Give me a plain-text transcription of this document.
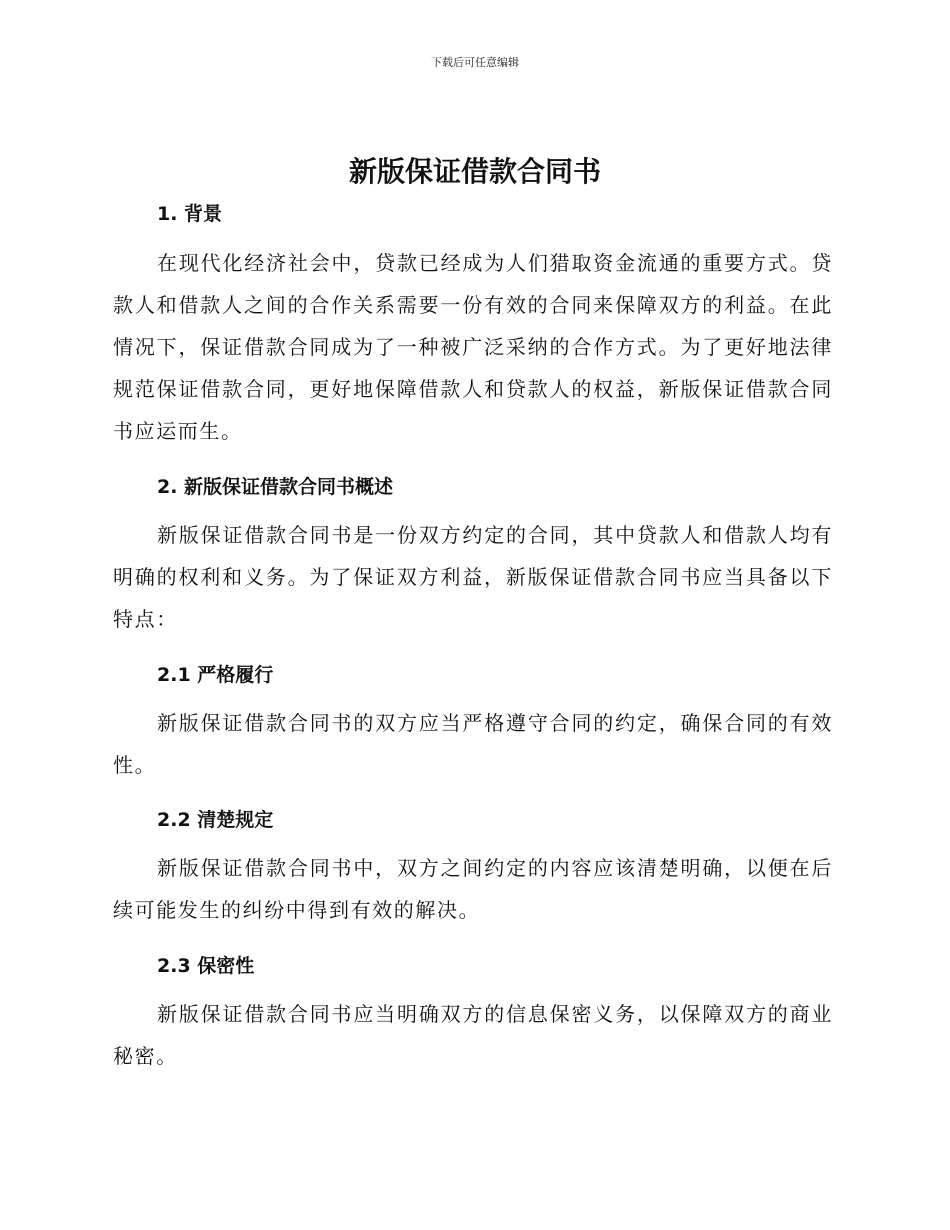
下载后可任意编辑
新版保证借款合同书
1. 背景

在现代化经济社会中，贷款已经成为人们猎取资金流通的重要方式。贷款人和借款人之间的合作关系需要一份有效的合同来保障双方的利益。在此情况下，保证借款合同成为了一种被广泛采纳的合作方式。为了更好地法律规范保证借款合同，更好地保障借款人和贷款人的权益，新版保证借款合同书应运而生。

2. 新版保证借款合同书概述

新版保证借款合同书是一份双方约定的合同，其中贷款人和借款人均有明确的权利和义务。为了保证双方利益，新版保证借款合同书应当具备以下特点：

2.1 严格履行

新版保证借款合同书的双方应当严格遵守合同的约定，确保合同的有效性。

2.2 清楚规定

新版保证借款合同书中，双方之间约定的内容应该清楚明确，以便在后续可能发生的纠纷中得到有效的解决。

2.3 保密性

新版保证借款合同书应当明确双方的信息保密义务，以保障双方的商业秘密。
